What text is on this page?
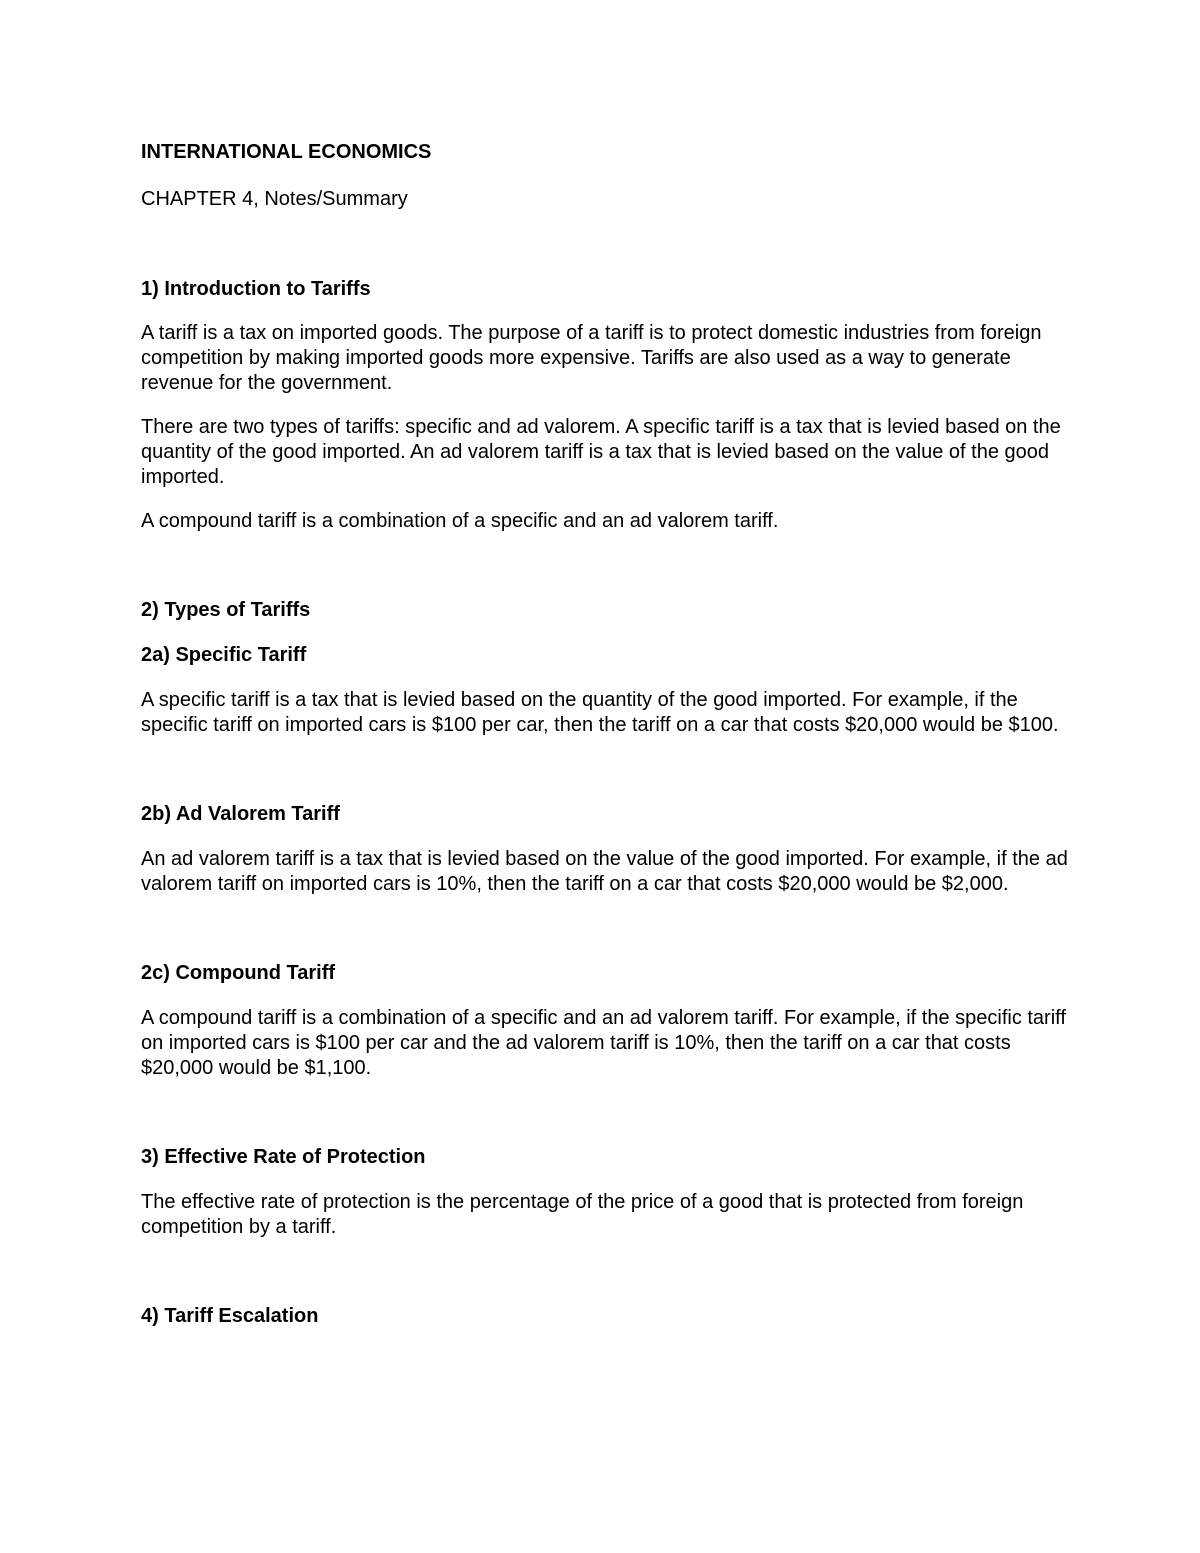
INTERNATIONAL ECONOMICS

CHAPTER 4, Notes/Summary

1) Introduction to Tariffs

A tariff is a tax on imported goods. The purpose of a tariff is to protect domestic industries from foreign competition by making imported goods more expensive. Tariffs are also used as a way to generate revenue for the government.

There are two types of tariffs: specific and ad valorem. A specific tariff is a tax that is levied based on the quantity of the good imported. An ad valorem tariff is a tax that is levied based on the value of the good imported.

A compound tariff is a combination of a specific and an ad valorem tariff.

2) Types of Tariffs

2a) Specific Tariff

A specific tariff is a tax that is levied based on the quantity of the good imported. For example, if the specific tariff on imported cars is $100 per car, then the tariff on a car that costs $20,000 would be $100.

2b) Ad Valorem Tariff

An ad valorem tariff is a tax that is levied based on the value of the good imported. For example, if the ad valorem tariff on imported cars is 10%, then the tariff on a car that costs $20,000 would be $2,000.

2c) Compound Tariff

A compound tariff is a combination of a specific and an ad valorem tariff. For example, if the specific tariff on imported cars is $100 per car and the ad valorem tariff is 10%, then the tariff on a car that costs $20,000 would be $1,100.

3) Effective Rate of Protection

The effective rate of protection is the percentage of the price of a good that is protected from foreign competition by a tariff.

4) Tariff Escalation
